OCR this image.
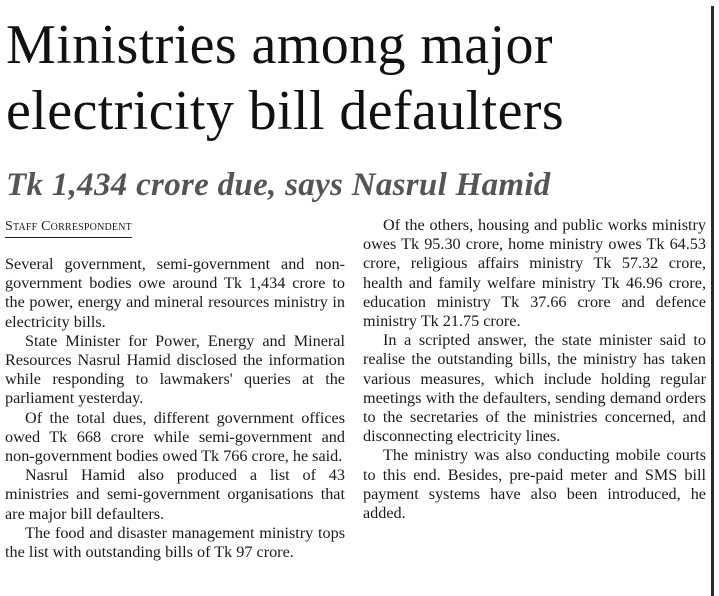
Ministries among major electricity bill defaulters
Tk 1,434 crore due, says Nasrul Hamid
Staff Correspondent

Several government, semi-government and non-government bodies owe around Tk 1,434 crore to the power, energy and mineral resources ministry in electricity bills.

State Minister for Power, Energy and Mineral Resources Nasrul Hamid disclosed the information while responding to lawmakers' queries at the parliament yesterday.

Of the total dues, different government offices owed Tk 668 crore while semi-government and non-government bodies owed Tk 766 crore, he said.

Nasrul Hamid also produced a list of 43 ministries and semi-government organisations that are major bill defaulters.

The food and disaster management ministry tops the list with outstanding bills of Tk 97 crore.

Of the others, housing and public works ministry owes Tk 95.30 crore, home ministry owes Tk 64.53 crore, religious affairs ministry Tk 57.32 crore, health and family welfare ministry Tk 46.96 crore, education ministry Tk 37.66 crore and defence ministry Tk 21.75 crore.

In a scripted answer, the state minister said to realise the outstanding bills, the ministry has taken various measures, which include holding regular meetings with the defaulters, sending demand orders to the secretaries of the ministries concerned, and disconnecting electricity lines.

The ministry was also conducting mobile courts to this end. Besides, pre-paid meter and SMS bill payment systems have also been introduced, he added.
